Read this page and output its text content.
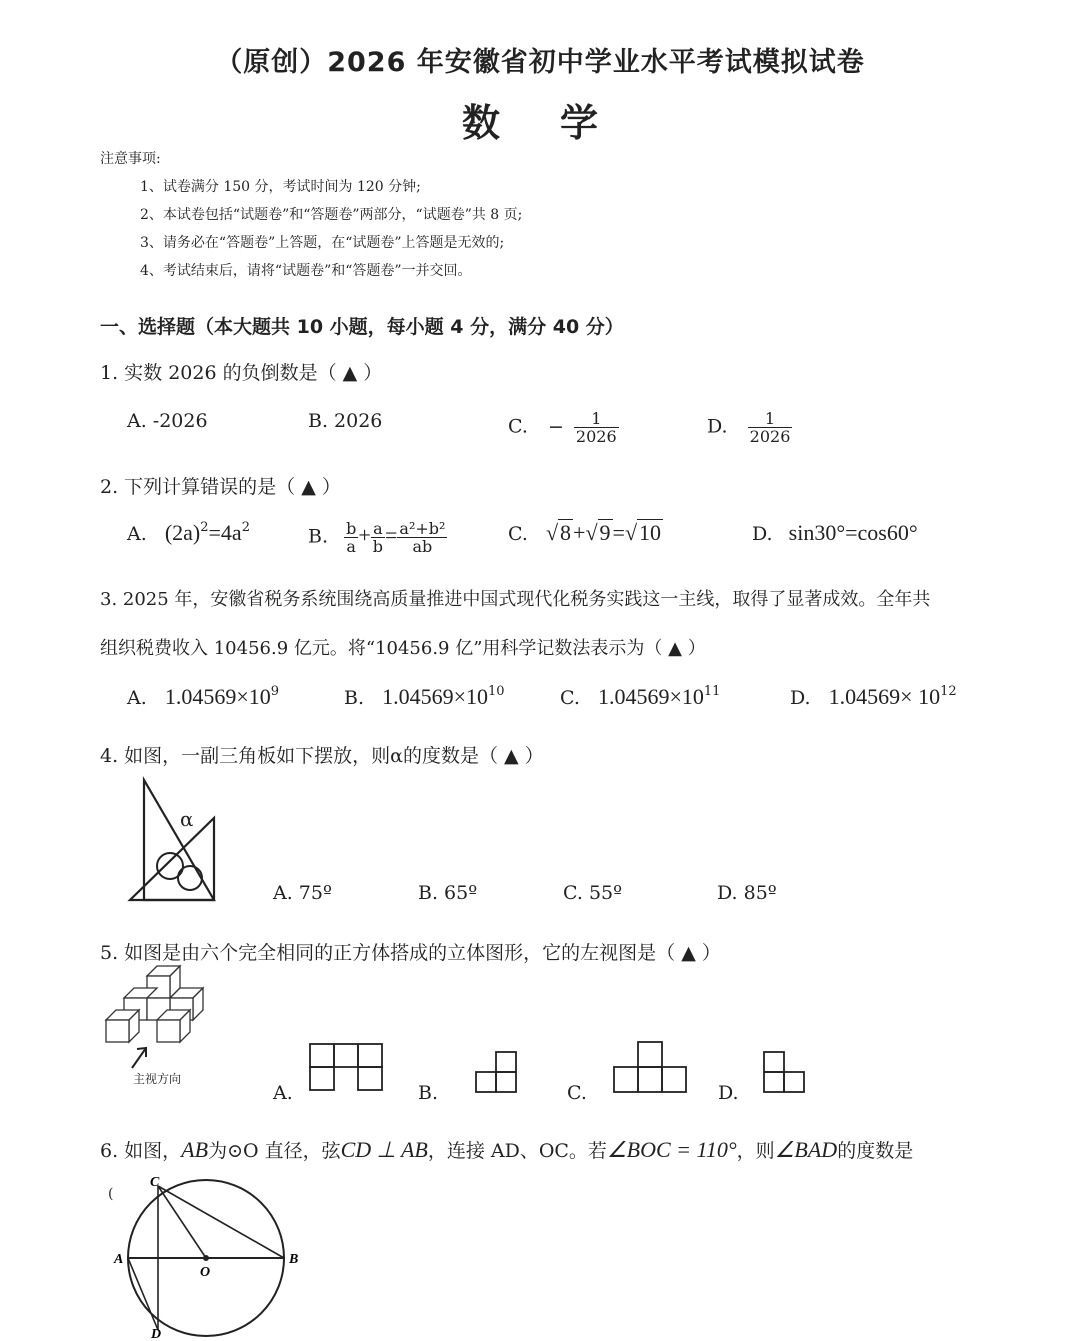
（原创）2026 年安徽省初中学业水平考试模拟试卷
数学
注意事项:
1、试卷满分 150 分，考试时间为 120 分钟;
2、本试卷包括“试题卷”和“答题卷”两部分，“试题卷”共 8 页;
3、请务必在“答题卷”上答题，在“试题卷”上答题是无效的;
4、考试结束后，请将“试题卷”和“答题卷”一并交回。
一、选择题（本大题共 10 小题，每小题 4 分，满分 40 分）
1. 实数 2026 的负倒数是（ ▲ ）
A. -2026	B. 2026	C. − $\frac{1}{2026}$	D. $\frac{1}{2026}$
2. 下列计算错误的是（ ▲ ）
A. $(2a)^2=4a^2$	B. $\frac{b}{a} + \frac{a}{b} = \frac{\text{a²+b²}}{ab}$	C. √8+√9=√10	D. sin30°=cos60°
3. 2025 年，安徽省税务系统围绕高质量推进中国式现代化税务实践这一主线，取得了显著成效。全年共
组织税费收入 10456.9 亿元。将“10456.9 亿”用科学记数法表示为（ ▲ ）
A. $1.04569\times 10^9$	B. $1.04569\times 10^{10}$	C. $1.04569\times 10^{11}$	D. $1.04569\times 10^{12}$
4. 如图，一副三角板如下摆放，则α的度数是（ ▲ ）
α
A. 75º	B. 65º	C. 55º	D. 85º
5. 如图是由六个完全相同的正方体搭成的立体图形，它的左视图是（ ▲ ）
主视方向
A.	B.	C.	D.
6. 如图，AB为⊙O 直径，弦CD ⊥ AB，连接 AD、OC。若∠BOC = 110°，则∠BAD的度数是
(
C
A	B
O
D
